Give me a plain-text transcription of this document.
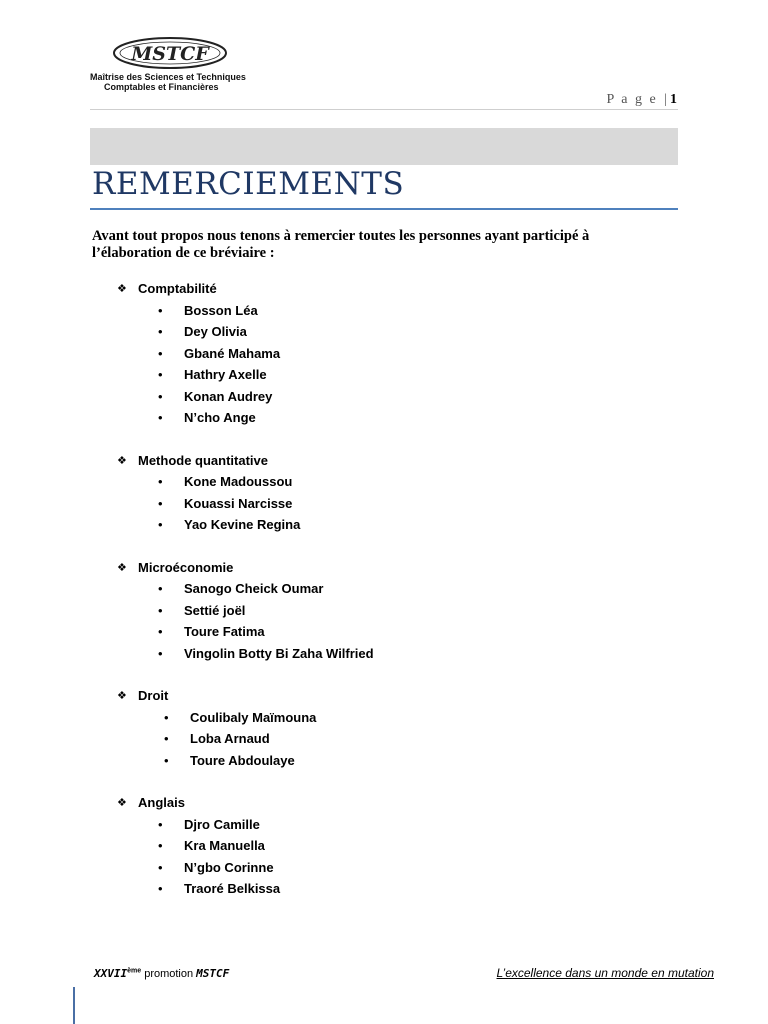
MSTCF
Maîtrise des Sciences et Techniques
Comptables et Financières
P a g e |1
REMERCIEMENTS
Avant tout propos nous tenons à remercier toutes les personnes ayant participé à
l’élaboration de ce bréviaire :
❖ Comptabilité
•	Bosson Léa
•	Dey Olivia
•	Gbané Mahama
•	Hathry Axelle
•	Konan Audrey
•	N’cho Ange
❖ Methode quantitative
•	Kone Madoussou
•	Kouassi Narcisse
•	Yao Kevine Regina
❖ Microéconomie
•	Sanogo Cheick Oumar
•	Settié joël
•	Toure Fatima
•	Vingolin Botty Bi Zaha Wilfried
❖ Droit
•	Coulibaly Maïmouna
•	Loba Arnaud
•	Toure Abdoulaye
❖ Anglais
•	Djro Camille
•	Kra Manuella
•	N’gbo Corinne
•	Traoré Belkissa
XXVIIème promotion MSTCF	L’excellence dans un monde en mutation
